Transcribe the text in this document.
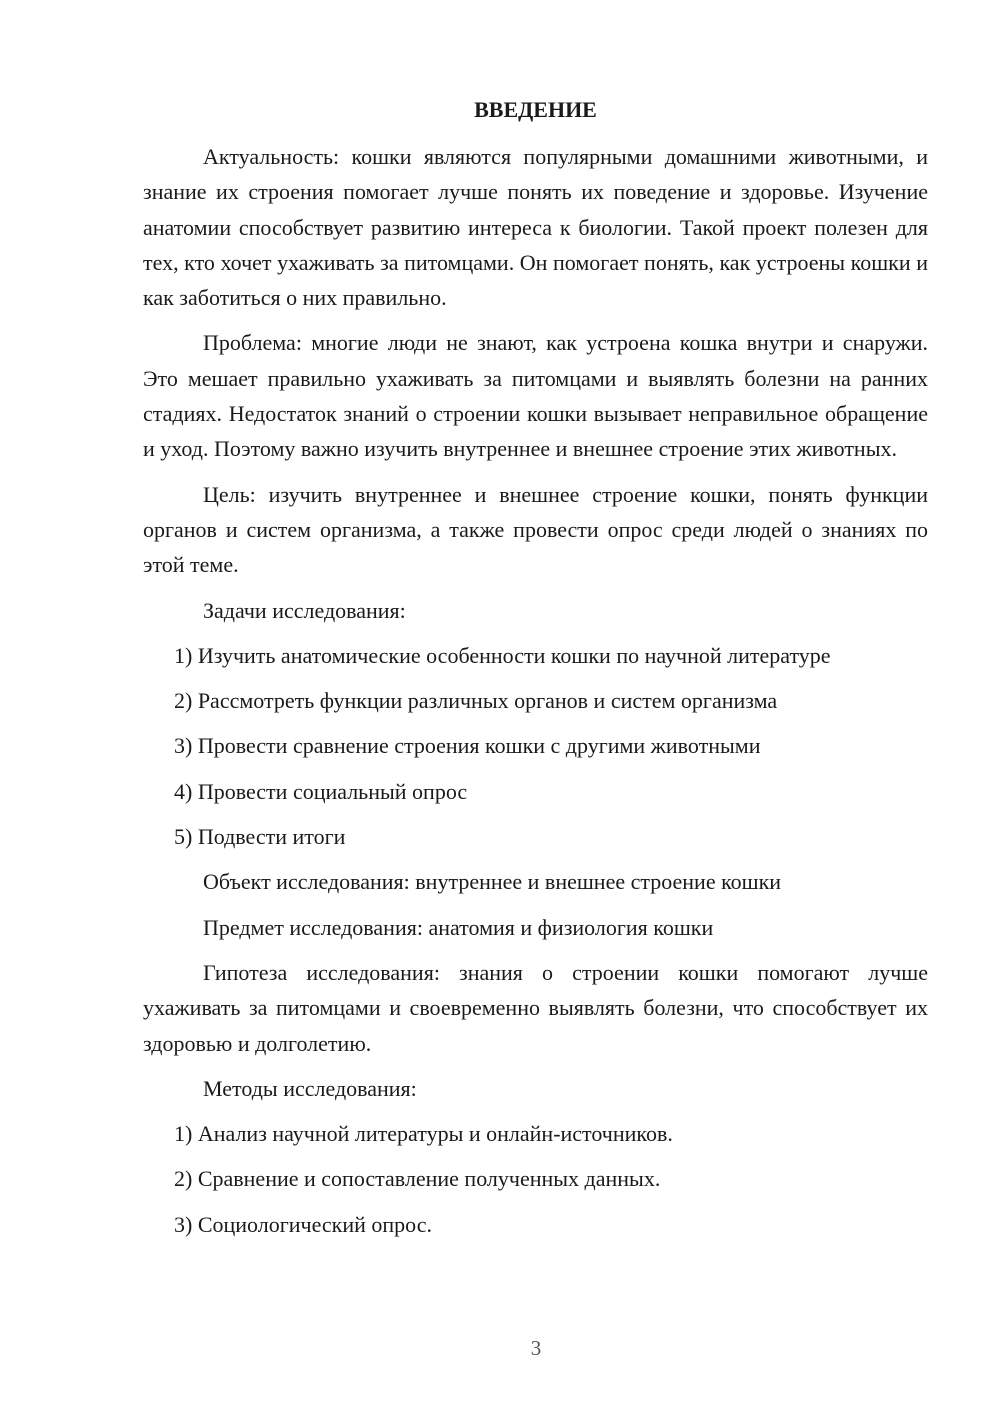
ВВЕДЕНИЕ

Актуальность: кошки являются популярными домашними животными, и знание их строения помогает лучше понять их поведение и здоровье. Изучение анатомии способствует развитию интереса к биологии. Такой проект полезен для тех, кто хочет ухаживать за питомцами. Он помогает понять, как устроены кошки и как заботиться о них правильно.

Проблема: многие люди не знают, как устроена кошка внутри и снаружи. Это мешает правильно ухаживать за питомцами и выявлять болезни на ранних стадиях. Недостаток знаний о строении кошки вызывает неправильное обращение и уход. Поэтому важно изучить внутреннее и внешнее строение этих животных.

Цель: изучить внутреннее и внешнее строение кошки, понять функции органов и систем организма, а также провести опрос среди людей о знаниях по этой теме.

Задачи исследования:

1) Изучить анатомические особенности кошки по научной литературе

2) Рассмотреть функции различных органов и систем организма

3) Провести сравнение строения кошки с другими животными

4) Провести социальный опрос

5) Подвести итоги

Объект исследования: внутреннее и внешнее строение кошки

Предмет исследования: анатомия и физиология кошки

Гипотеза исследования: знания о строении кошки помогают лучше ухаживать за питомцами и своевременно выявлять болезни, что способствует их здоровью и долголетию.

Методы исследования:

1) Анализ научной литературы и онлайн-источников.

2) Сравнение и сопоставление полученных данных.

3) Социологический опрос.

3
